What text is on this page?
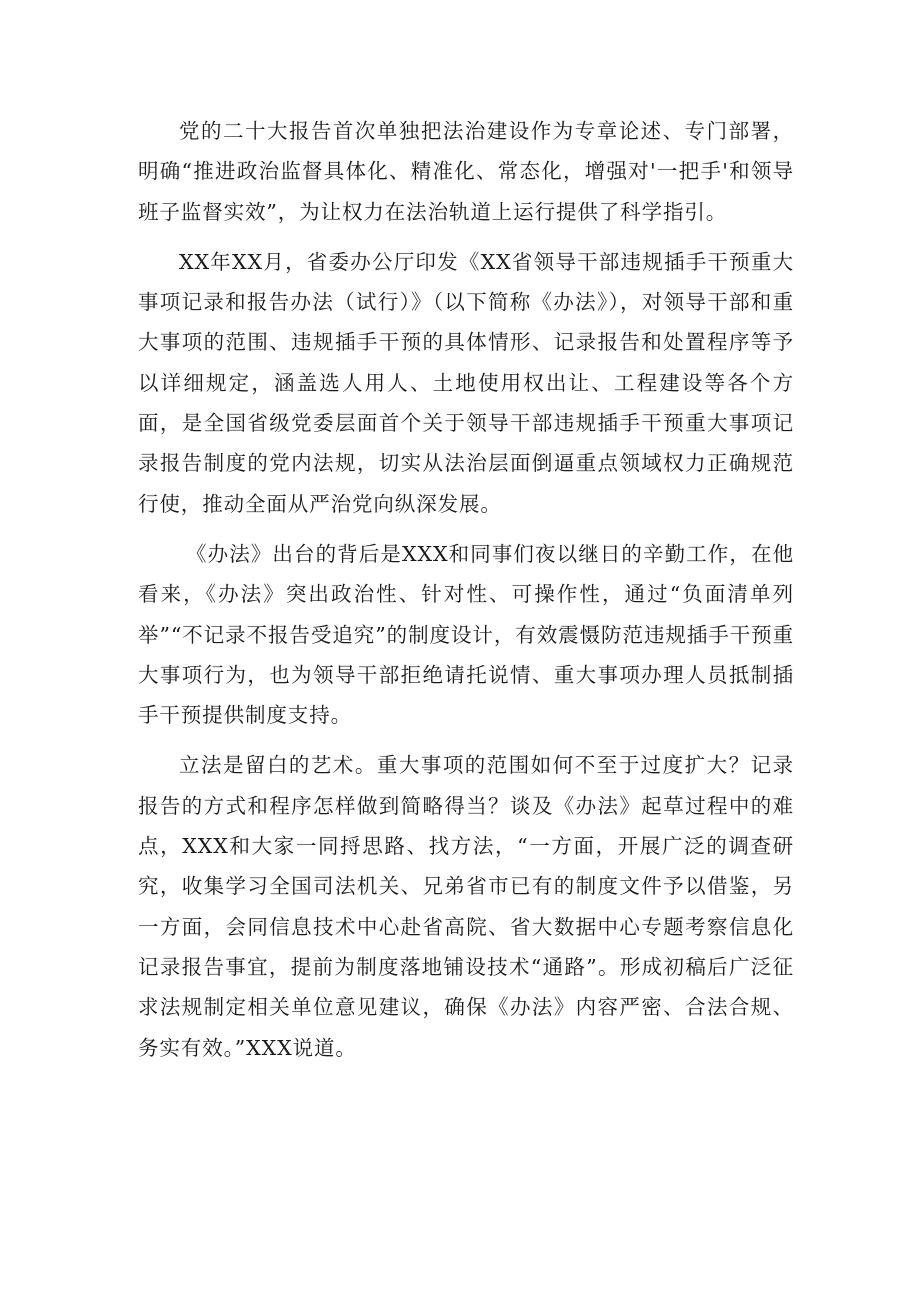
党的二十大报告首次单独把法治建设作为专章论述、专门部署，明确“推进政治监督具体化、精准化、常态化，增强对'一把手'和领导班子监督实效”，为让权力在法治轨道上运行提供了科学指引。

XX年XX月，省委办公厅印发《XX省领导干部违规插手干预重大事项记录和报告办法（试行）》（以下简称《办法》），对领导干部和重大事项的范围、违规插手干预的具体情形、记录报告和处置程序等予以详细规定，涵盖选人用人、土地使用权出让、工程建设等各个方面，是全国省级党委层面首个关于领导干部违规插手干预重大事项记录报告制度的党内法规，切实从法治层面倒逼重点领域权力正确规范行使，推动全面从严治党向纵深发展。

《办法》出台的背后是XXX和同事们夜以继日的辛勤工作，在他看来，《办法》突出政治性、针对性、可操作性，通过“负面清单列举”“不记录不报告受追究”的制度设计，有效震慑防范违规插手干预重大事项行为，也为领导干部拒绝请托说情、重大事项办理人员抵制插手干预提供制度支持。

立法是留白的艺术。重大事项的范围如何不至于过度扩大？记录报告的方式和程序怎样做到简略得当？谈及《办法》起草过程中的难点，XXX和大家一同捋思路、找方法，“一方面，开展广泛的调查研究，收集学习全国司法机关、兄弟省市已有的制度文件予以借鉴，另一方面，会同信息技术中心赴省高院、省大数据中心专题考察信息化记录报告事宜，提前为制度落地铺设技术“通路”。形成初稿后广泛征求法规制定相关单位意见建议，确保《办法》内容严密、合法合规、务实有效。”XXX说道。
